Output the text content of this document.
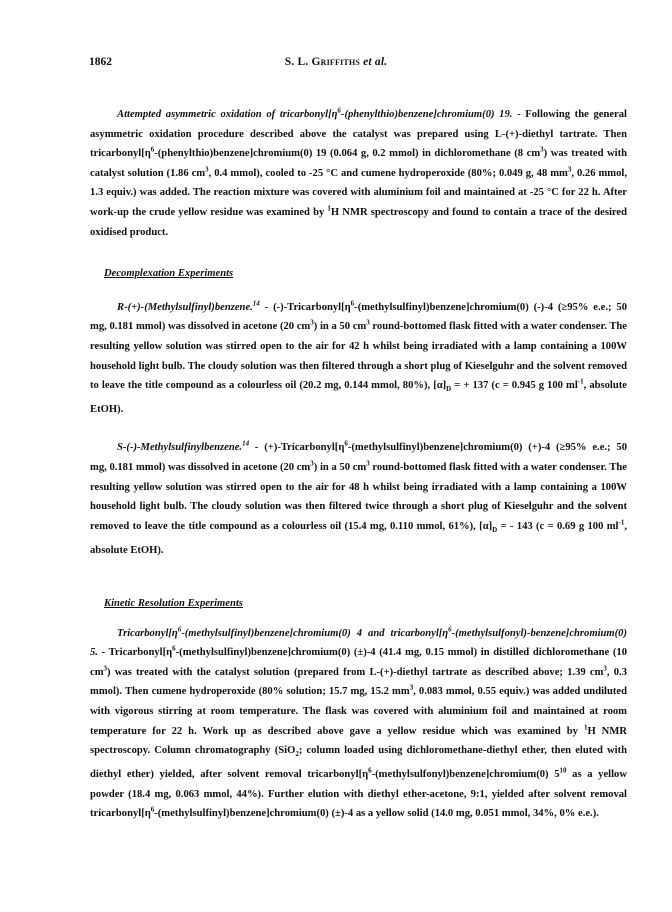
1862	S. L. Griffiths et al.

Attempted asymmetric oxidation of $tricarbonyl[\eta^6-(phenylthio)benzene]chromium(0)$ 19. - Following the general asymmetric oxidation procedure described above the catalyst was prepared using L-(+)-diethyl tartrate. Then $tricarbonyl[\eta^6-(phenylthio)benzene]chromium(0)$ 19 (0.064 g, 0.2 mmol) in dichloromethane (8 $cm^3$) was treated with catalyst solution (1.86 $cm^3$, 0.4 mmol), cooled to -25 °C and cumene hydroperoxide (80%; 0.049 g, 48 $mm^3$, 0.26 mmol, 1.3 equiv.) was added. The reaction mixture was covered with aluminium foil and maintained at -25 °C for 22 h. After work-up the crude yellow residue was examined by $^1$H NMR spectroscopy and found to contain a trace of the desired oxidised product.

Decomplexation Experiments

R-(+)-(Methylsulfinyl)benzene.$^{14}$ - $(-)-Tricarbonyl[\eta^6-(methylsulfinyl)benzene]chromium(0)$ (-)-4 (≥95% e.e.; 50 mg, 0.181 mmol) was dissolved in acetone (20 $cm^3$) in a 50 $cm^3$ round-bottomed flask fitted with a water condenser. The resulting yellow solution was stirred open to the air for 42 h whilst being irradiated with a lamp containing a 100W household light bulb. The cloudy solution was then filtered through a short plug of Kieselguhr and the solvent removed to leave the title compound as a colourless oil (20.2 mg, 0.144 mmol, 80%), $[\alpha]_D$ = + 137 (c = 0.945 g 100 $ml^{-1}$, absolute EtOH).

S-(-)-Methylsulfinylbenzene.$^{14}$ - $(+)-Tricarbonyl[\eta^6-(methylsulfinyl)benzene]chromium(0)$ (+)-4 (≥95% e.e.; 50 mg, 0.181 mmol) was dissolved in acetone (20 $cm^3$) in a 50 $cm^3$ round-bottomed flask fitted with a water condenser. The resulting yellow solution was stirred open to the air for 48 h whilst being irradiated with a lamp containing a 100W household light bulb. The cloudy solution was then filtered twice through a short plug of Kieselguhr and the solvent removed to leave the title compound as a colourless oil (15.4 mg, 0.110 mmol, 61%), $[\alpha]_D$ = - 143 (c = 0.69 g 100 $ml^{-1}$, absolute EtOH).

Kinetic Resolution Experiments

$Tricarbonyl[\eta^6-(methylsulfinyl)benzene]chromium(0)$ 4 and $tricarbonyl[\eta^6-(methylsulfonyl)-benzene]chromium(0)$ 5. - $Tricarbonyl[\eta^6-(methylsulfinyl)benzene]chromium(0)$ (±)-4 (41.4 mg, 0.15 mmol) in distilled dichloromethane (10 $cm^3$) was treated with the catalyst solution (prepared from L-(+)-diethyl tartrate as described above; 1.39 $cm^3$, 0.3 mmol). Then cumene hydroperoxide (80% solution; 15.7 mg, 15.2 $mm^3$, 0.083 mmol, 0.55 equiv.) was added undiluted with vigorous stirring at room temperature. The flask was covered with aluminium foil and maintained at room temperature for 22 h. Work up as described above gave a yellow residue which was examined by $^1$H NMR spectroscopy. Column chromatography (SiO$_2$; column loaded using dichloromethane-diethyl ether, then eluted with diethyl ether) yielded, after solvent removal $tricarbonyl[\eta^6-(methylsulfonyl)benzene]chromium(0)$ $5^{10}$ as a yellow powder (18.4 mg, 0.063 mmol, 44%). Further elution with diethyl ether-acetone, 9:1, yielded after solvent removal $tricarbonyl[\eta^6-(methylsulfinyl)benzene]chromium(0)$ (±)-4 as a yellow solid (14.0 mg, 0.051 mmol, 34%, 0% e.e.).
